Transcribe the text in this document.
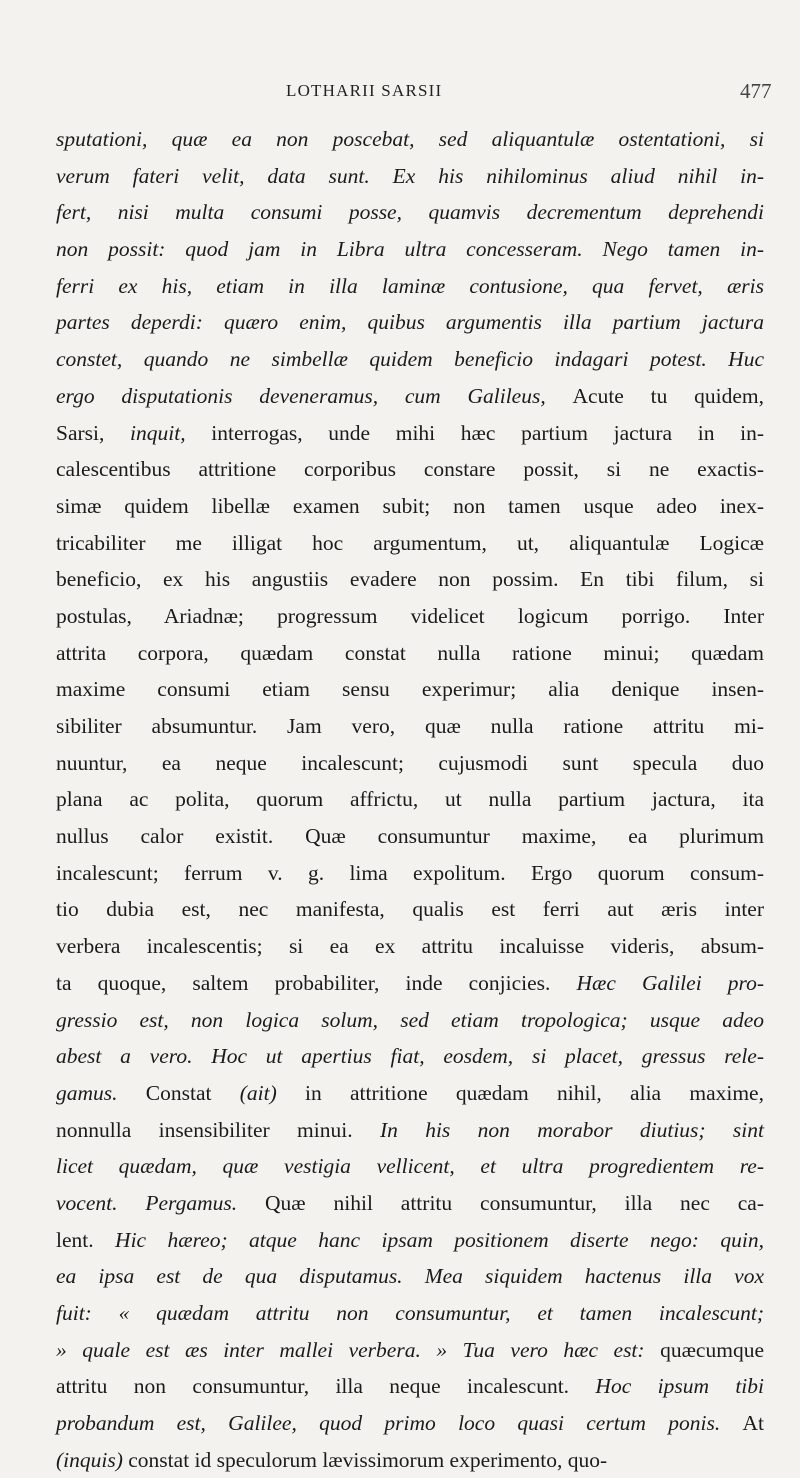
LOTHARII SARSII	477
sputationi, quæ ea non poscebat, sed aliquantulæ ostentationi, si
verum fateri velit, data sunt. Ex his nihilominus aliud nihil in-
fert, nisi multa consumi posse, quamvis decrementum deprehendi
non possit: quod jam in Libra ultra concesseram. Nego tamen in-
ferri ex his, etiam in illa laminæ contusione, qua fervet, æris
partes deperdi: quæro enim, quibus argumentis illa partium jactura
constet, quando ne simbellæ quidem beneficio indagari potest. Huc
ergo disputationis deveneramus, cum Galileus, Acute tu quidem,
Sarsi, inquit, interrogas, unde mihi hæc partium jactura in in-
calescentibus attritione corporibus constare possit, si ne exactis-
simæ quidem libellæ examen subit; non tamen usque adeo inex-
tricabiliter me illigat hoc argumentum, ut, aliquantulæ Logicæ
beneficio, ex his angustiis evadere non possim. En tibi filum, si
postulas, Ariadnæ; progressum videlicet logicum porrigo. Inter
attrita corpora, quædam constat nulla ratione minui; quædam
maxime consumi etiam sensu experimur; alia denique insen-
sibiliter absumuntur. Jam vero, quæ nulla ratione attritu mi-
nuuntur, ea neque incalescunt; cujusmodi sunt specula duo
plana ac polita, quorum affrictu, ut nulla partium jactura, ita
nullus calor existit. Quæ consumuntur maxime, ea plurimum
incalescunt; ferrum v. g. lima expolitum. Ergo quorum consum-
tio dubia est, nec manifesta, qualis est ferri aut æris inter
verbera incalescentis; si ea ex attritu incaluisse videris, absum-
ta quoque, saltem probabiliter, inde conjicies. Hæc Galilei pro-
gressio est, non logica solum, sed etiam tropologica; usque adeo
abest a vero. Hoc ut apertius fiat, eosdem, si placet, gressus rele-
gamus. Constat (ait) in attritione quædam nihil, alia maxime,
nonnulla insensibiliter minui. In his non morabor diutius; sint
licet quædam, quæ vestigia vellicent, et ultra progredientem re-
vocent. Pergamus. Quæ nihil attritu consumuntur, illa nec ca-
lent. Hic hæreo; atque hanc ipsam positionem diserte nego: quin,
ea ipsa est de qua disputamus. Mea siquidem hactenus illa vox
fuit: « quædam attritu non consumuntur, et tamen incalescunt;
» quale est æs inter mallei verbera. » Tua vero hæc est: quæcumque
attritu non consumuntur, illa neque incalescunt. Hoc ipsum tibi
probandum est, Galilee, quod primo loco quasi certum ponis. At
(inquis) constat id speculorum lævissimorum experimento, quo-
